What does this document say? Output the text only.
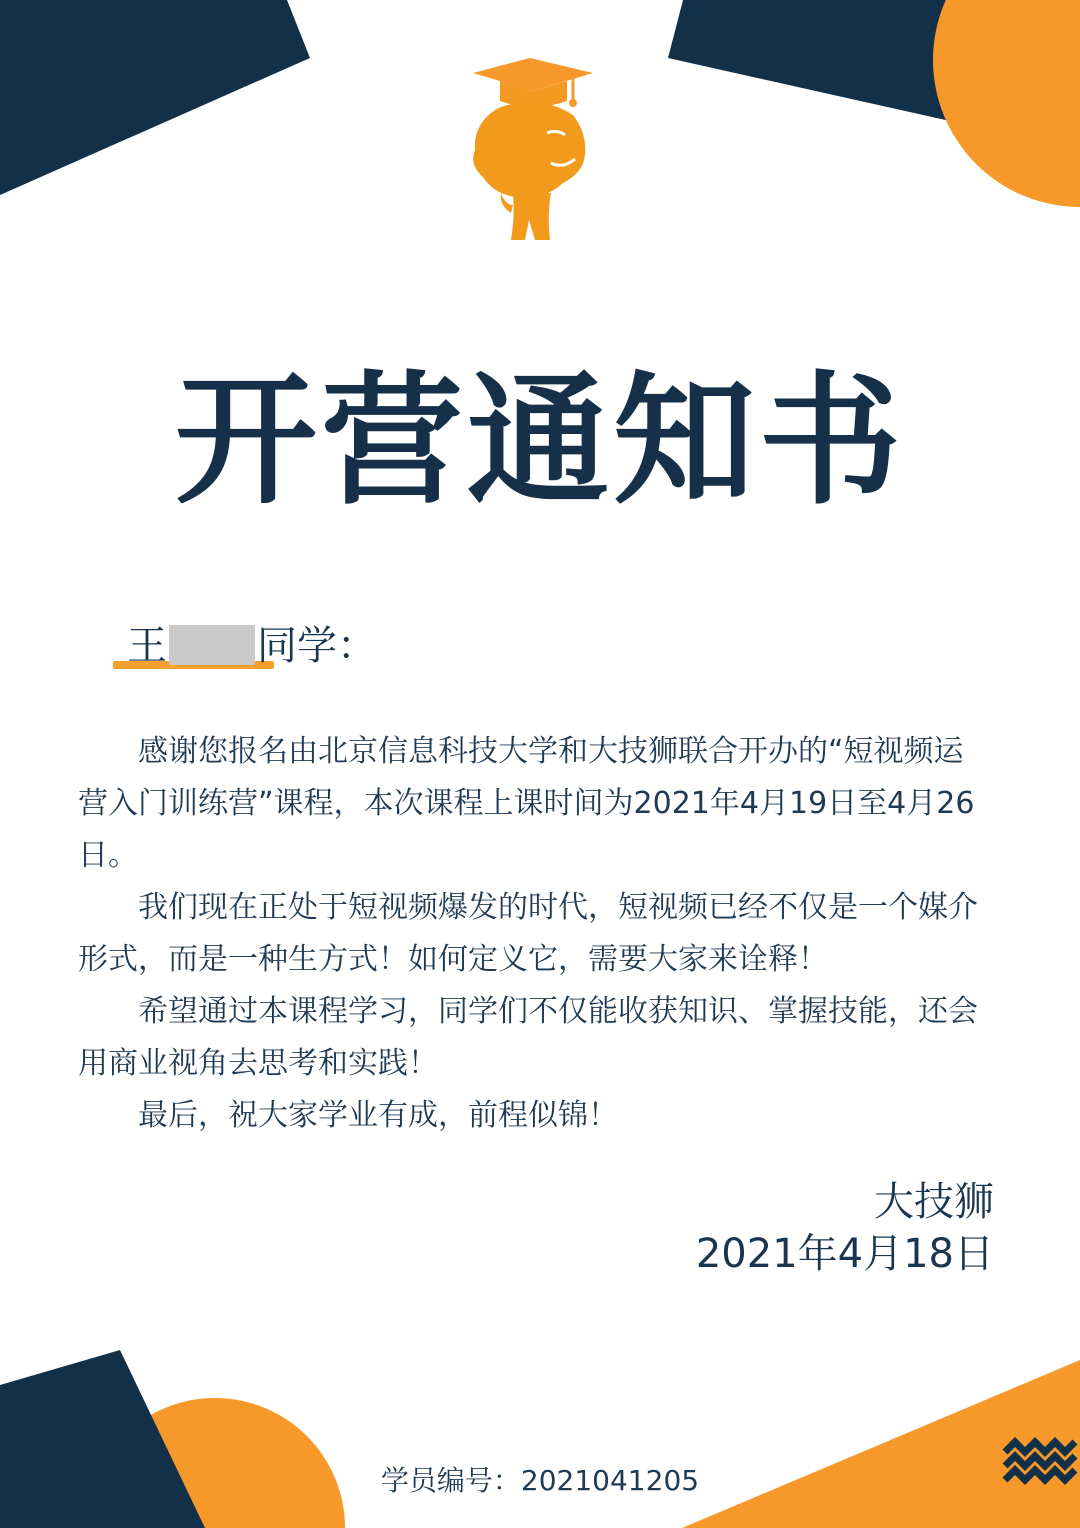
开营通知书
王 同学：

感谢您报名由北京信息科技大学和大技狮联合开办的“短视频运营入门训练营”课程，本次课程上课时间为2021年4月19日至4月26日。

我们现在正处于短视频爆发的时代，短视频已经不仅是一个媒介形式，而是一种生方式！如何定义它，需要大家来诠释！

希望通过本课程学习，同学们不仅能收获知识、掌握技能，还会用商业视角去思考和实践！

最后，祝大家学业有成，前程似锦！

大技狮
2021年4月18日
学员编号：2021041205
